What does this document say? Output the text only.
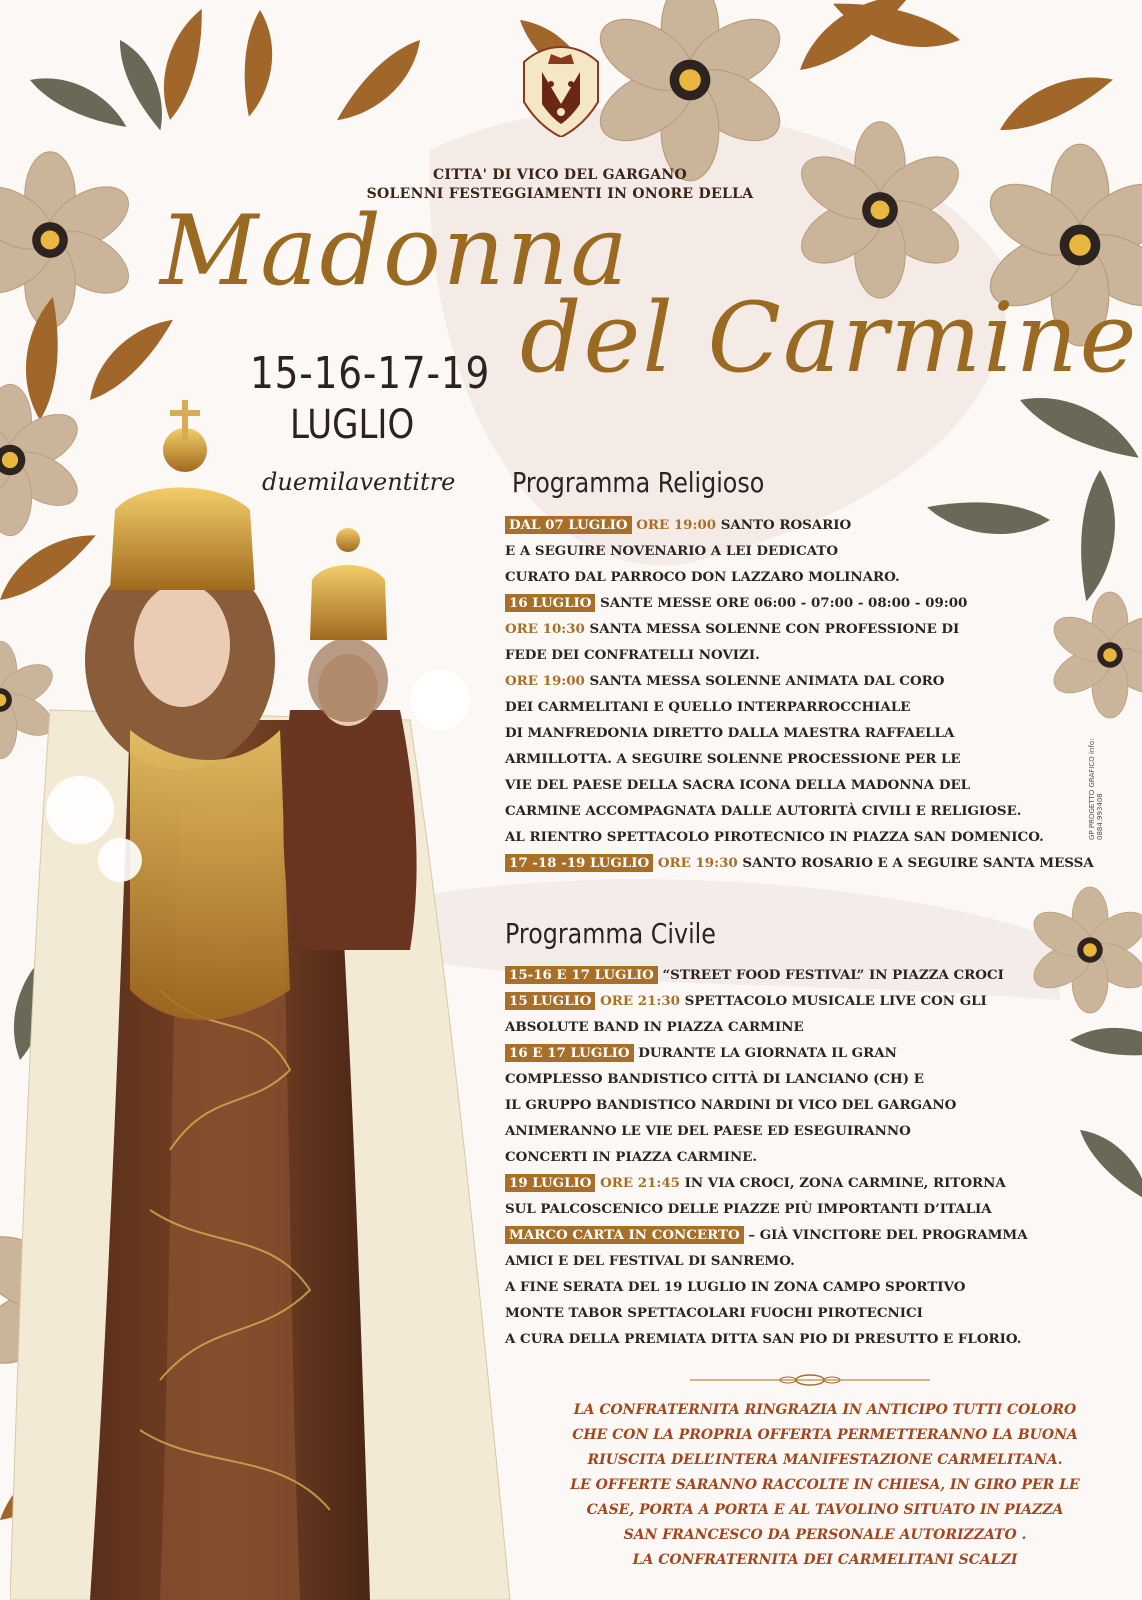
CITTA' DI VICO DEL GARGANO
SOLENNI FESTEGGIAMENTI IN ONORE DELLA
Madonna
del Carmine
15-16-17-19
LUGLIO
duemilaventitre Programma Religioso
DAL 07 LUGLIO ORE 19:00 SANTO ROSARIO
E A SEGUIRE NOVENARIO A LEI DEDICATO
CURATO DAL PARROCO DON LAZZARO MOLINARO.
16 LUGLIO SANTE MESSE ORE 06:00 - 07:00 - 08:00 - 09:00
ORE 10:30 SANTA MESSA SOLENNE CON PROFESSIONE DI
FEDE DEI CONFRATELLI NOVIZI.
ORE 19:00 SANTA MESSA SOLENNE ANIMATA DAL CORO
DEI CARMELITANI E QUELLO INTERPARROCCHIALE
DI MANFREDONIA DIRETTO DALLA MAESTRA RAFFAELLA
ARMILLOTTA. A SEGUIRE SOLENNE PROCESSIONE PER LE
VIE DEL PAESE DELLA SACRA ICONA DELLA MADONNA DEL
CARMINE ACCOMPAGNATA DALLE AUTORITÀ CIVILI E RELIGIOSE.
AL RIENTRO SPETTACOLO PIROTECNICO IN PIAZZA SAN DOMENICO.
17 -18 -19 LUGLIO ORE 19:30 SANTO ROSARIO E A SEGUIRE SANTA MESSA
Programma Civile
15-16 E 17 LUGLIO “STREET FOOD FESTIVAL” IN PIAZZA CROCI
15 LUGLIO ORE 21:30 SPETTACOLO MUSICALE LIVE CON GLI
ABSOLUTE BAND IN PIAZZA CARMINE
16 E 17 LUGLIO DURANTE LA GIORNATA IL GRAN
COMPLESSO BANDISTICO CITTÀ DI LANCIANO (CH) E
IL GRUPPO BANDISTICO NARDINI DI VICO DEL GARGANO
ANIMERANNO LE VIE DEL PAESE ED ESEGUIRANNO
CONCERTI IN PIAZZA CARMINE.
19 LUGLIO ORE 21:45 IN VIA CROCI, ZONA CARMINE, RITORNA
SUL PALCOSCENICO DELLE PIAZZE PIÙ IMPORTANTI D’ITALIA
MARCO CARTA IN CONCERTO – GIÀ VINCITORE DEL PROGRAMMA
AMICI E DEL FESTIVAL DI SANREMO.
A FINE SERATA DEL 19 LUGLIO IN ZONA CAMPO SPORTIVO
MONTE TABOR SPETTACOLARI FUOCHI PIROTECNICI
A CURA DELLA PREMIATA DITTA SAN PIO DI PRESUTTO E FLORIO.
LA CONFRATERNITA RINGRAZIA IN ANTICIPO TUTTI COLORO
CHE CON LA PROPRIA OFFERTA PERMETTERANNO LA BUONA
RIUSCITA DELL’INTERA MANIFESTAZIONE CARMELITANA.
LE OFFERTE SARANNO RACCOLTE IN CHIESA, IN GIRO PER LE
CASE, PORTA A PORTA E AL TAVOLINO SITUATO IN PIAZZA
SAN FRANCESCO DA PERSONALE AUTORIZZATO .
LA CONFRATERNITA DEI CARMELITANI SCALZI
GP PROGETTO GRAFICO info: 0884.993408
